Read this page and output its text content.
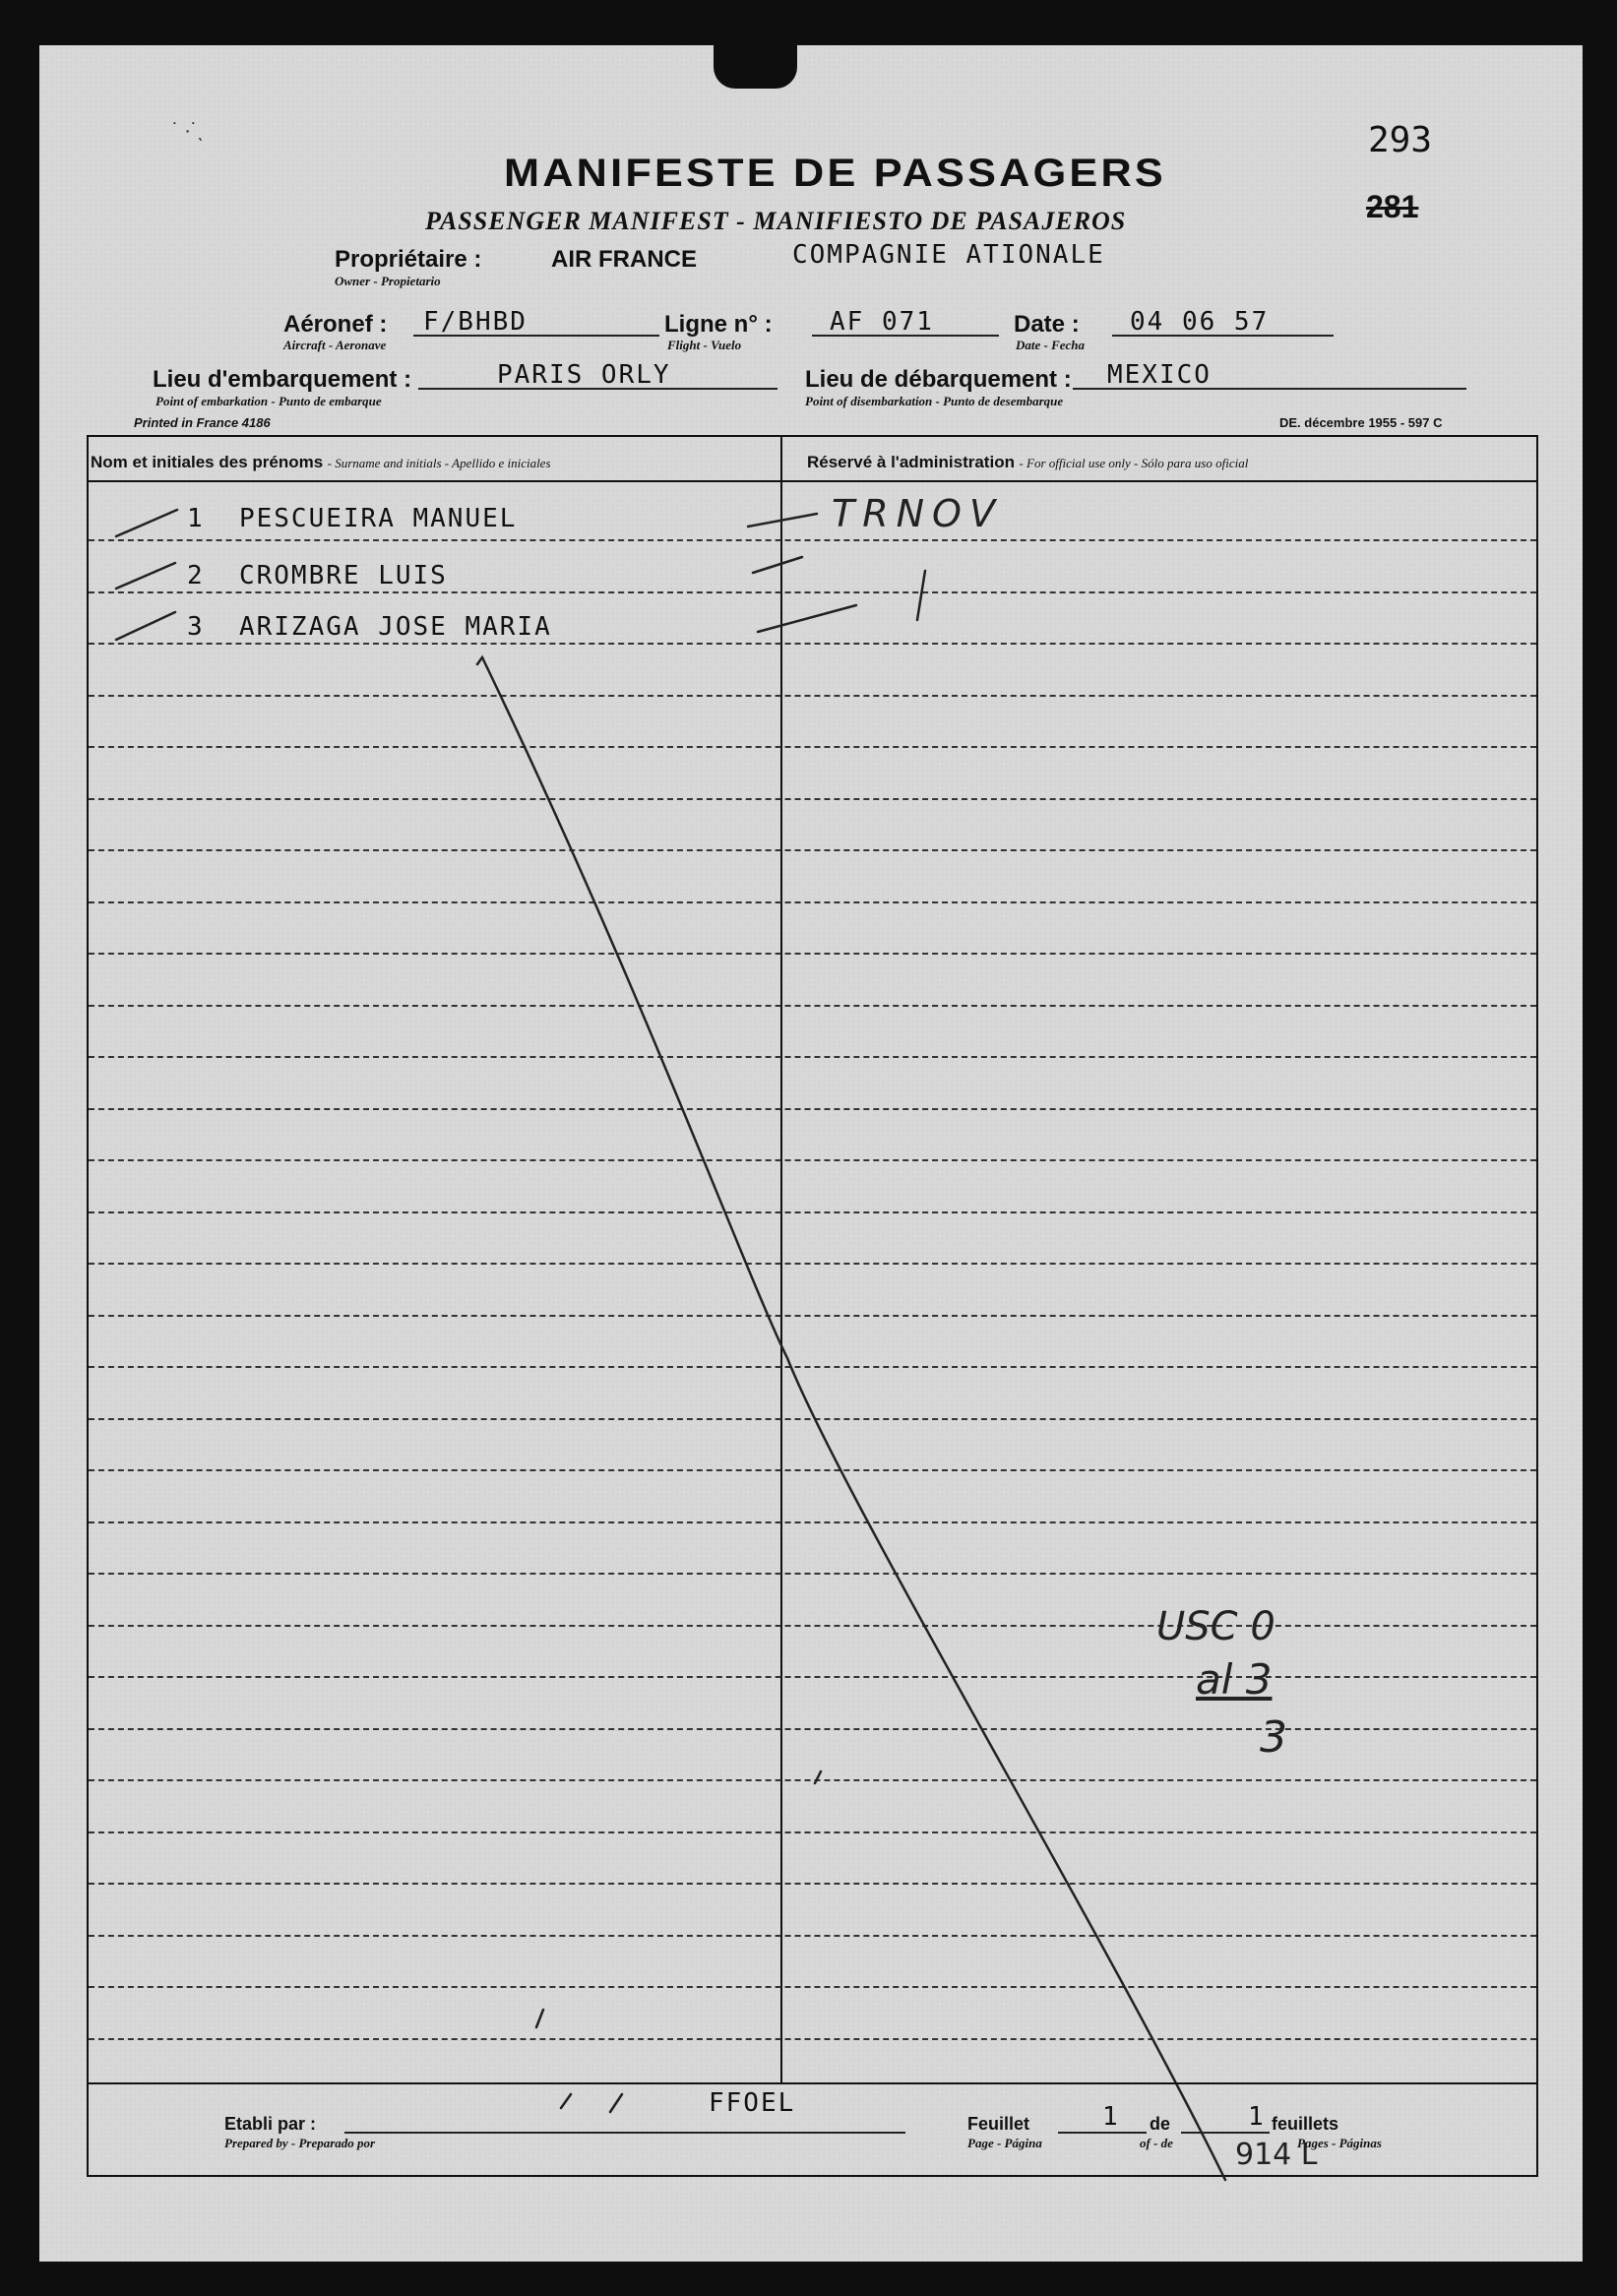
˙ ·˙ˎ	293
281
MANIFESTE DE PASSAGERS
PASSENGER MANIFEST - MANIFIESTO DE PASAJEROS
Propriétaire :
Owner - Propietario
AIR FRANCE	COMPAGNIE ATIONALE
Aéronef :
Aircraft - Aeronave
F/BHBD	Ligne n° :
Flight - Vuelo
AF 071	Date :
Date - Fecha
04 06 57
Lieu d'embarquement :
Point of embarkation - Punto de embarque
PARIS ORLY	Lieu de débarquement :
Point of disembarkation - Punto de desembarque
MEXICO
Printed in France 4186	DE. décembre 1955 - 597 C
Nom et initiales des prénoms - Surname and initials - Apellido e iniciales	Réservé à l'administration - For official use only - Sólo para uso oficial
1 PESCUEIRA MANUEL
2 CROMBRE LUIS
3 ARIZAGA JOSE MARIA
TRNOV
USC 0
al 3
3
Etabli par :
Prepared by - Preparado por
FFOEL
Feuillet
Page - Página
1 de
of - de
1 feuillets
Pages - Páginas
914 L
